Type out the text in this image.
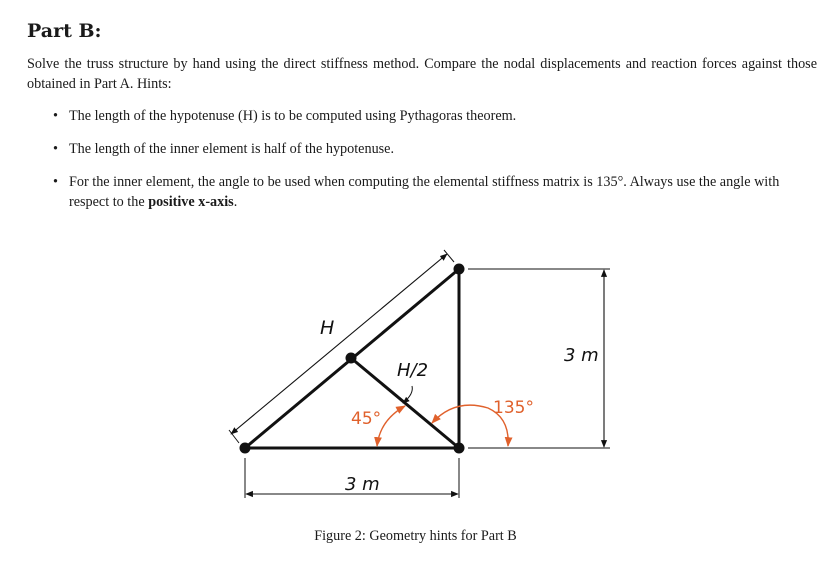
Part B:
Solve the truss structure by hand using the direct stiffness method. Compare the nodal displacements and reaction forces against those obtained in Part A. Hints:
• The length of the hypotenuse (H) is to be computed using Pythagoras theorem.
• The length of the inner element is half of the hypotenuse.
• For the inner element, the angle to be used when computing the elemental stiffness matrix is 135°. Always use the angle with respect to the positive x-axis.
H
H/2
3 m
3 m
45°
135°
Figure 2: Geometry hints for Part B
